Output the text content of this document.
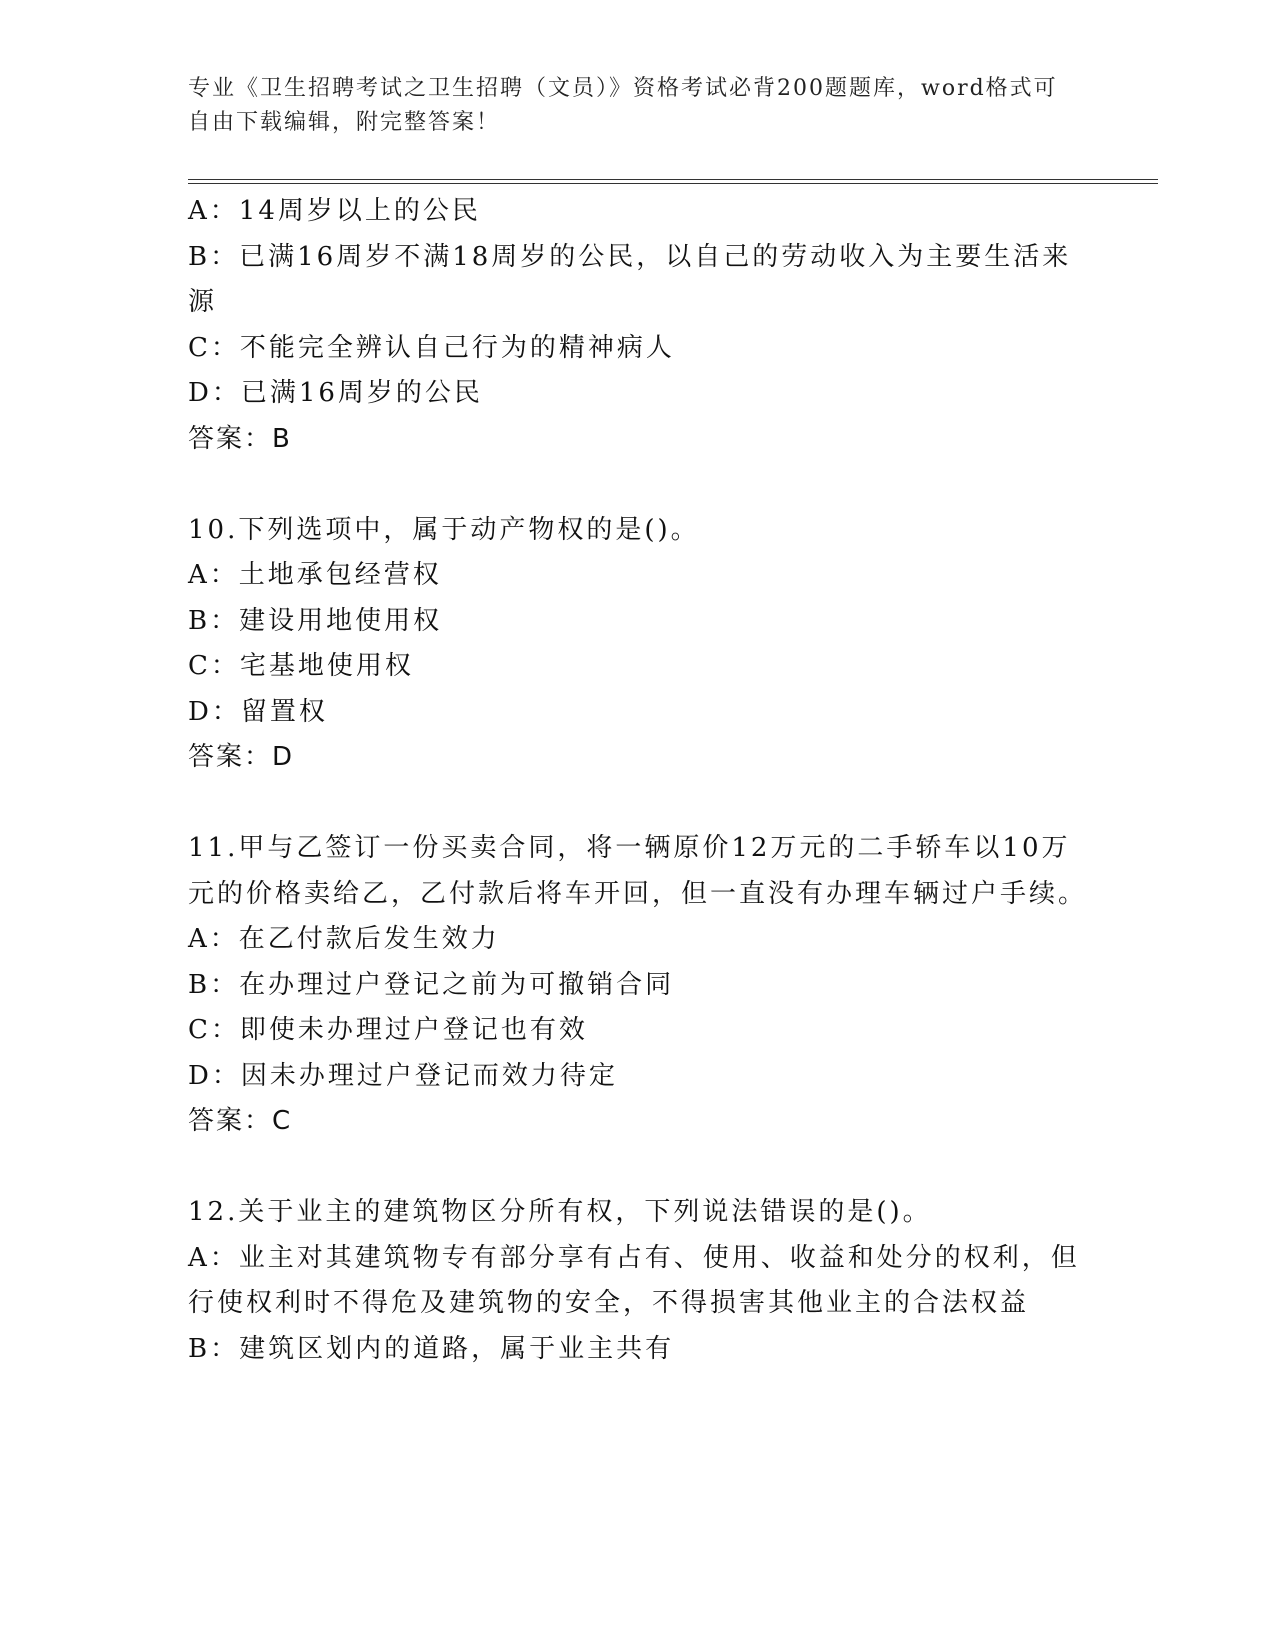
专业《卫生招聘考试之卫生招聘（文员）》资格考试必背200题题库，word格式可自由下载编辑，附完整答案！

A：14周岁以上的公民

B：已满16周岁不满18周岁的公民，以自己的劳动收入为主要生活来源

C：不能完全辨认自己行为的精神病人

D：已满16周岁的公民

答案：B

10.下列选项中，属于动产物权的是()。

A：土地承包经营权

B：建设用地使用权

C：宅基地使用权

D：留置权

答案：D

11.甲与乙签订一份买卖合同，将一辆原价12万元的二手轿车以10万元的价格卖给乙，乙付款后将车开回，但一直没有办理车辆过户手续。

A：在乙付款后发生效力

B：在办理过户登记之前为可撤销合同

C：即使未办理过户登记也有效

D：因未办理过户登记而效力待定

答案：C

12.关于业主的建筑物区分所有权，下列说法错误的是()。

A：业主对其建筑物专有部分享有占有、使用、收益和处分的权利，但行使权利时不得危及建筑物的安全，不得损害其他业主的合法权益

B：建筑区划内的道路，属于业主共有
